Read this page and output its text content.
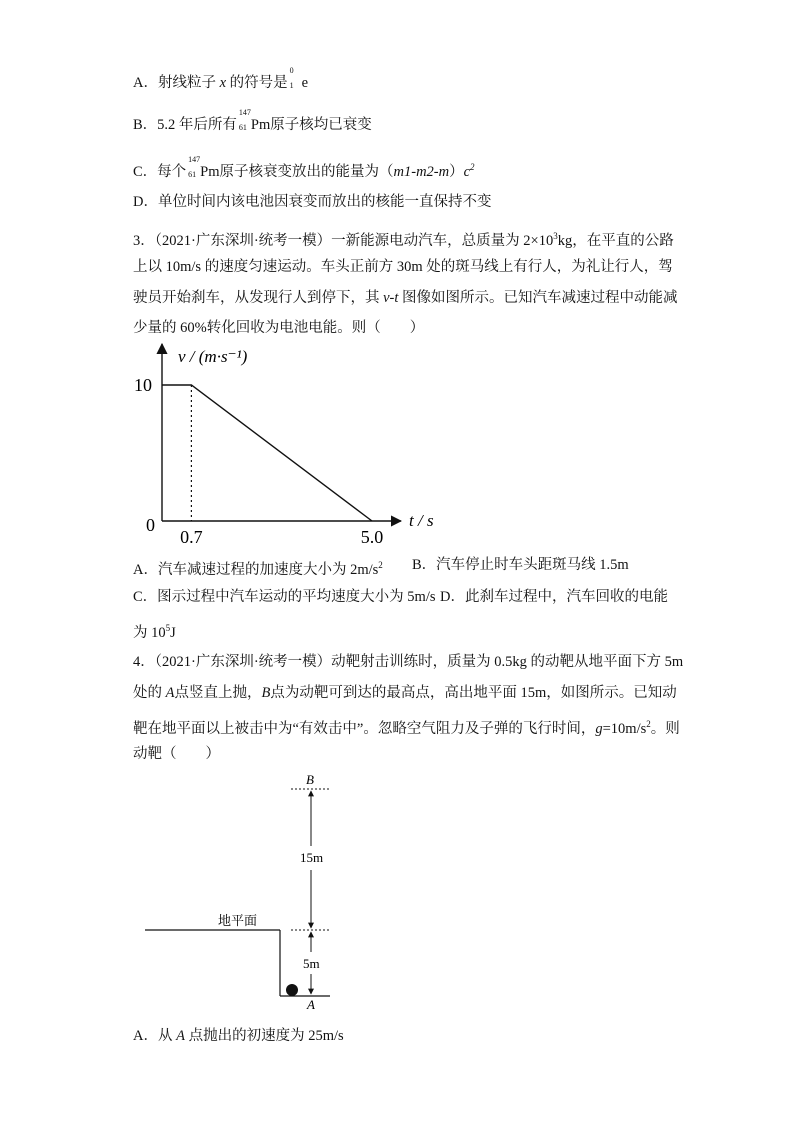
A．射线粒子 x 的符号是
0
1 e
B．5.2 年后所有
147
61 Pm原子核均已衰变
C．每个
147
61 Pm原子核衰变放出的能量为$(m1-m2-m)c^2$
D．单位时间内该电池因衰变而放出的核能一直保持不变
3．（2021·广东深圳·统考一模）一新能源电动汽车，总质量为 $2\times 10^3kg$，在平直的公路
上以 10m/s 的速度匀速运动。车头正前方 30m 处的斑马线上有行人，为礼让行人，驾
驶员开始刹车，从发现行人到停下，其 v-t 图像如图所示。已知汽车减速过程中动能减
少量的 60%转化回收为电池电能。则（　　）
10
0
0.7	5.0
t / s
v / (m·s⁻¹)
A．汽车减速过程的加速度大小为 $2m/s^2$ B．汽车停止时车头距斑马线 1.5m
C．图示过程中汽车运动的平均速度大小为 5m/s D．此刹车过程中，汽车回收的电能
为 $10^5J$
4．（2021·广东深圳·统考一模）动靶射击训练时，质量为 0.5kg 的动靶从地平面下方 5m
处的 A点竖直上抛，B点为动靶可到达的最高点，高出地平面 15m，如图所示。已知动
靶在地平面以上被击中为“有效击中”。忽略空气阻力及子弹的飞行时间，$g=10m/s^2$。则
动靶（　　）
B
15m
地平面
5m
A
A．从 A 点抛出的初速度为 25m/s
